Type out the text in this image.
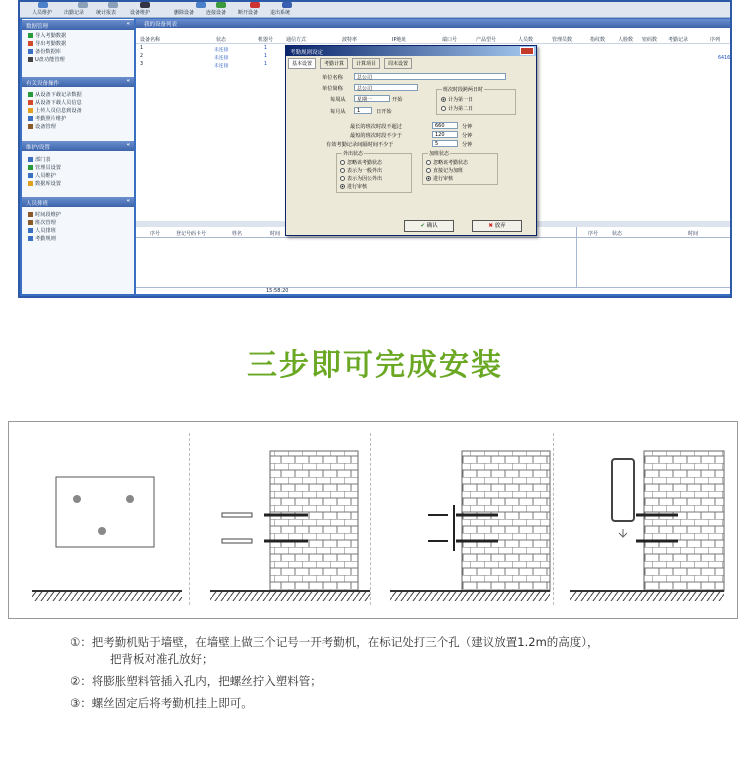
人员维护 出勤记录 统计报表	设备维护	删除设备 连接设备 断开设备 退出系统
数据管理	«
导入考勤数据
导出考勤数据
备份数据库
U盘功能管理
有关设备操作	«
从设备下载记录数据
从设备下载人员信息
上传人员信息到设备
考勤照片维护
设备管理
维护/设置	«
部门表
管理员设置
人员维护
数据库设置
人员排班	«
时间段维护
班次管理
人员排班
考勤规则
我的设备列表
设备名称	状态	机器号	通信方式	波特率	IP地址	端口号	产品型号	人员数	管理员数	指纹数	人脸数 密码数 考勤记录	序列
1	未连接	1
2	未连接	1
3	未连接	1
6416
序号	登记号码卡号	姓名	时间	序号	状态	时间
15:58:20
考勤规则设定
基本设置	考勤计算	计算项目	周末设置
单位名称	总公司
单位简称	总公司
每周从	星期一	开始
每月从	1	日开始
班次时段跨两日时
计为第一日
计为第二日
最长的班次时段不超过	660	分钟
最短的班次时段不少于	120	分钟
有效考勤记录间隔时间不少于	5	分钟
外出状态
忽略该考勤状态
表示为一般外出
表示为因公外出
进行审核
加班状态
忽略该考勤状态
直接记为加班
进行审核
✔ 确认	✖ 放弃
三步即可完成安装
①：把考勤机贴于墙壁，在墙壁上做三个记号一开考勤机，在标记处打三个孔（建议放置1.2m的高度），
把背板对准孔放好；
②：将膨胀塑料管插入孔内，把螺丝拧入塑料管；
③：螺丝固定后将考勤机挂上即可。
